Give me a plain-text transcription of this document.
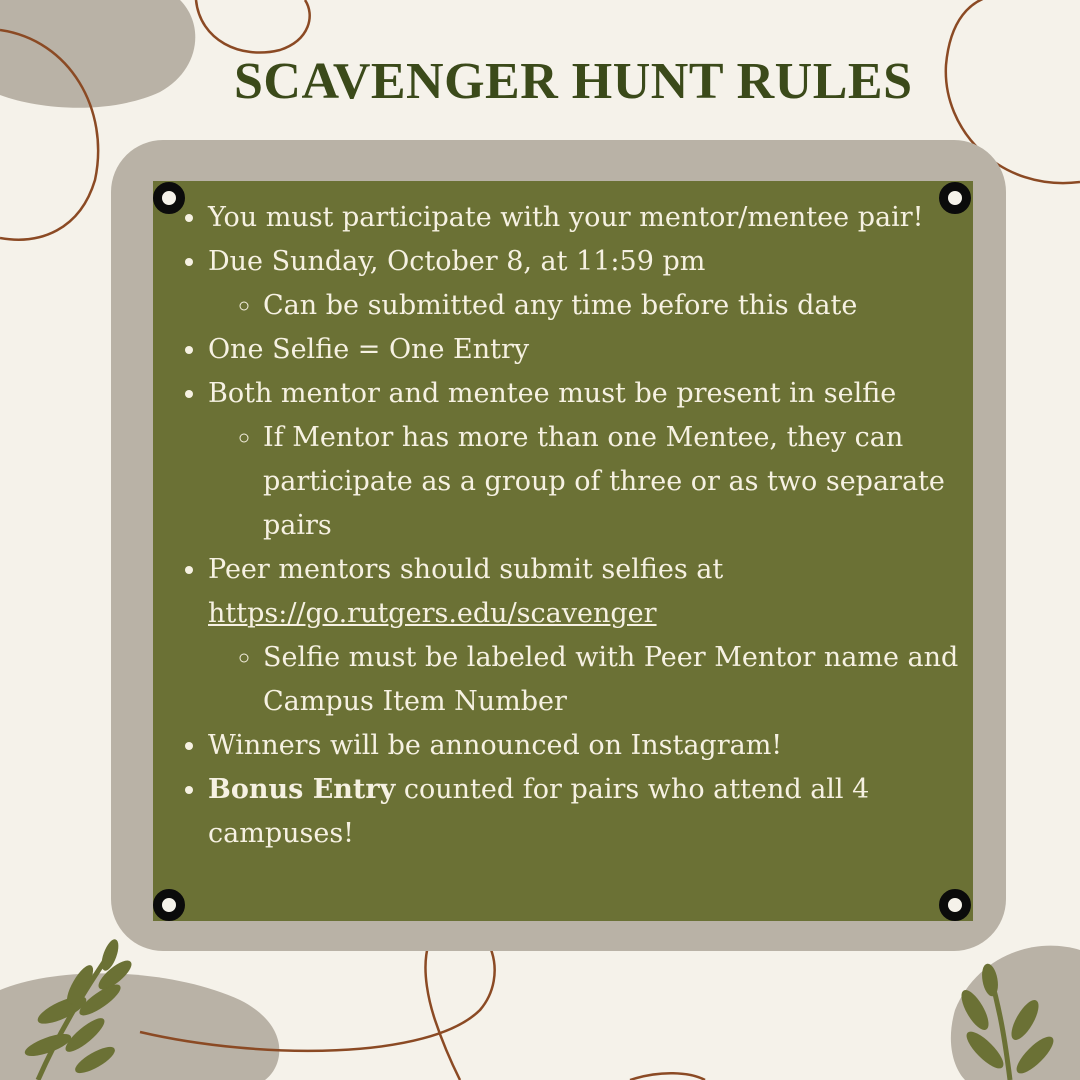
SCAVENGER HUNT RULES
• You must participate with your mentor/mentee pair!
• Due Sunday, October 8, at 11:59 pm
◦ Can be submitted any time before this date
• One Selfie = One Entry
• Both mentor and mentee must be present in selfie
◦ If Mentor has more than one Mentee, they can participate as a group of three or as two separate pairs
• Peer mentors should submit selfies at
https://go.rutgers.edu/scavenger
◦ Selfie must be labeled with Peer Mentor name and Campus Item Number
• Winners will be announced on Instagram!
• Bonus Entry counted for pairs who attend all 4 campuses!
